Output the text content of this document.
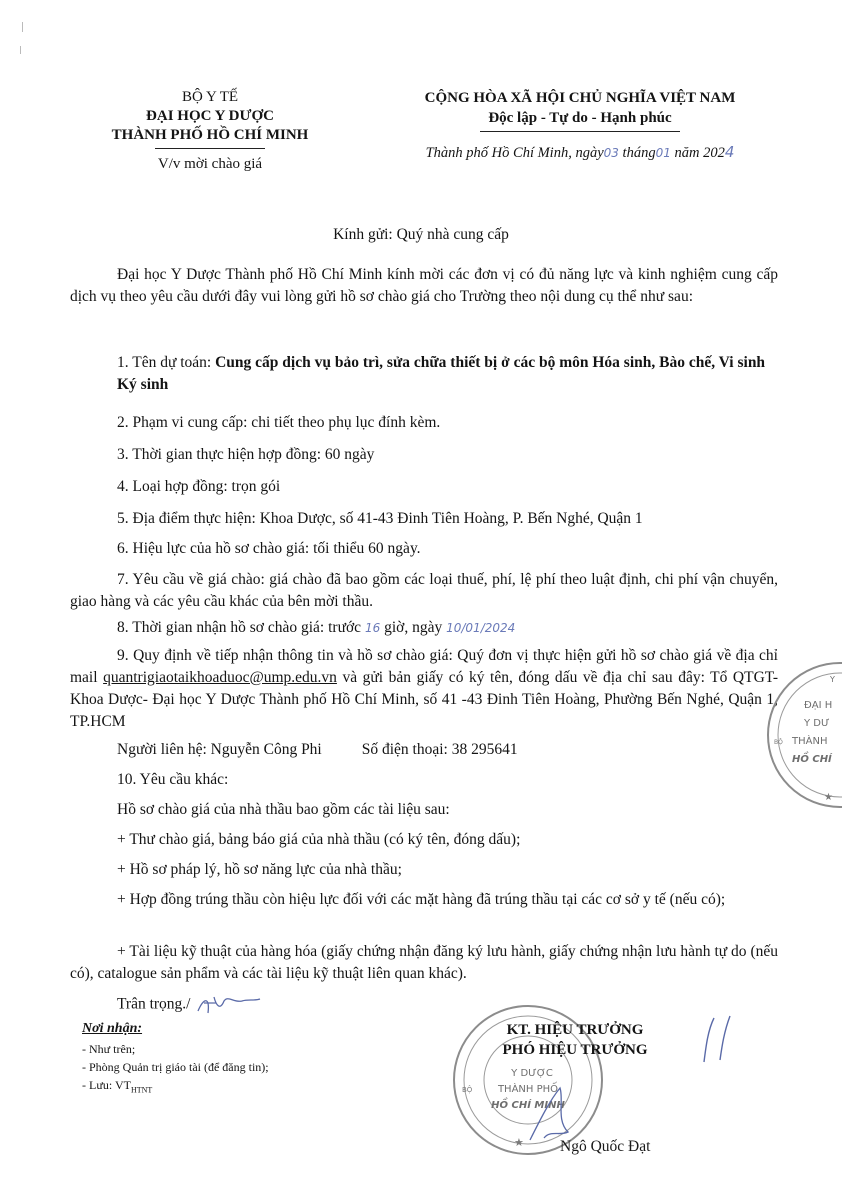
BỘ Y TẾ
ĐẠI HỌC Y DƯỢC
THÀNH PHỐ HỒ CHÍ MINH
V/v mời chào giá
CỘNG HÒA XÃ HỘI CHỦ NGHĨA VIỆT NAM
Độc lập - Tự do - Hạnh phúc
Thành phố Hồ Chí Minh, ngày03 tháng01 năm 2024
Kính gửi: Quý nhà cung cấp
Đại học Y Dược Thành phố Hồ Chí Minh kính mời các đơn vị có đủ năng lực và kinh nghiệm cung cấp dịch vụ theo yêu cầu dưới đây vui lòng gửi hồ sơ chào giá cho Trường theo nội dung cụ thể như sau:
1. Tên dự toán: Cung cấp dịch vụ bảo trì, sửa chữa thiết bị ở các bộ môn Hóa sinh, Bào chế, Vi sinh Ký sinh
2. Phạm vi cung cấp: chi tiết theo phụ lục đính kèm.
3. Thời gian thực hiện hợp đồng: 60 ngày
4. Loại hợp đồng: trọn gói
5. Địa điểm thực hiện: Khoa Dược, số 41-43 Đinh Tiên Hoàng, P. Bến Nghé, Quận 1
6. Hiệu lực của hồ sơ chào giá: tối thiểu 60 ngày.
7. Yêu cầu về giá chào: giá chào đã bao gồm các loại thuế, phí, lệ phí theo luật định, chi phí vận chuyển, giao hàng và các yêu cầu khác của bên mời thầu.
8. Thời gian nhận hồ sơ chào giá: trước 16 giờ, ngày 10/01/2024
9. Quy định về tiếp nhận thông tin và hồ sơ chào giá: Quý đơn vị thực hiện gửi hồ sơ chào giá về địa chỉ mail quantrigiaotaikhoaduoc@ump.edu.vn và gửi bản giấy có ký tên, đóng dấu về địa chỉ sau đây: Tổ QTGT- Khoa Dược- Đại học Y Dược Thành phố Hồ Chí Minh, số 41 -43 Đinh Tiên Hoàng, Phường Bến Nghé, Quận 1, TP.HCM
Người liên hệ: Nguyễn Công Phi	Số điện thoại: 38 295641
10. Yêu cầu khác:
Hồ sơ chào giá của nhà thầu bao gồm các tài liệu sau:
+ Thư chào giá, bảng báo giá của nhà thầu (có ký tên, đóng dấu);
+ Hồ sơ pháp lý, hồ sơ năng lực của nhà thầu;
+ Hợp đồng trúng thầu còn hiệu lực đối với các mặt hàng đã trúng thầu tại các cơ sở y tế (nếu có);
+ Tài liệu kỹ thuật của hàng hóa (giấy chứng nhận đăng ký lưu hành, giấy chứng nhận lưu hành tự do (nếu có), catalogue sản phẩm và các tài liệu kỹ thuật liên quan khác).
Trân trọng./
Nơi nhận:
- Như trên;
- Phòng Quản trị giáo tài (để đăng tin);
- Lưu: $VT_{HTNT}$
Y DƯỢC
THÀNH PHỐ
HỒ CHÍ MINH
BỘ
★
KT. HIỆU TRƯỞNG
PHÓ HIỆU TRƯỞNG
Ngô Quốc Đạt
Y
ĐẠI H
Y DƯ
THÀNH
HỒ CHÍ
BỘ
★
